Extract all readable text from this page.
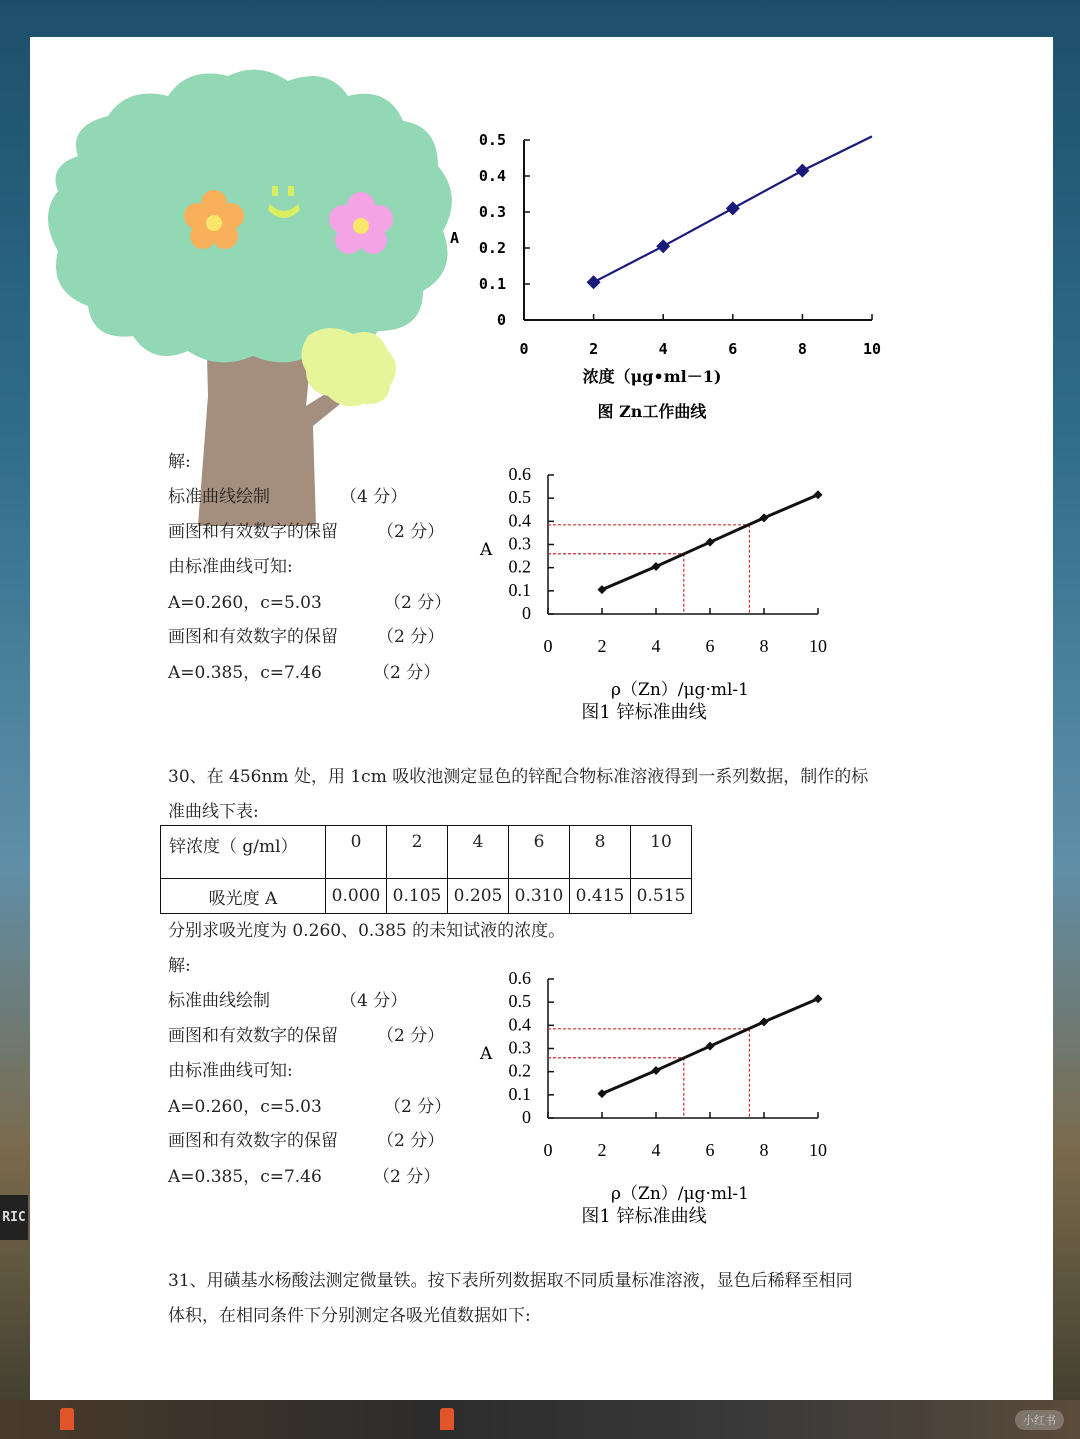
RIC
小红书
A
浓度（μg•ml－1)
图 Zn工作曲线
0	2	4	6	8	10
0
0.1
0.2
0.3
0.4
0.5
解:
标准曲线绘制	（4 分）
画图和有效数字的保留 （2 分）
由标准曲线可知:
A=0.260，c=5.03	（2 分）
画图和有效数字的保留 （2 分）
A=0.385，c=7.46	（2 分）
A
ρ（Zn）/μg·ml-1
图1 锌标准曲线
0	2	4	6	8 10
0
0.1
0.2
0.3
0.4
0.5
0.6
30、在 456nm 处，用 1cm 吸收池测定显色的锌配合物标准溶液得到一系列数据，制作的标
准曲线下表:
锌浓度（ g/ml）	0	2	4	6	8	10
吸光度 A	0.000	0.105	0.205	0.310	0.415	0.515
分别求吸光度为 0.260、0.385 的未知试液的浓度。
解:
标准曲线绘制	（4 分）
画图和有效数字的保留 （2 分）
由标准曲线可知:
A=0.260，c=5.03	（2 分）
画图和有效数字的保留 （2 分）
A=0.385，c=7.46	（2 分）
A
ρ（Zn）/μg·ml-1
图1 锌标准曲线
0	2	4	6	8 10
0
0.1
0.2
0.3
0.4
0.5
0.6
31、用磺基水杨酸法测定微量铁。按下表所列数据取不同质量标准溶液，显色后稀释至相同
体积，在相同条件下分别测定各吸光值数据如下:
